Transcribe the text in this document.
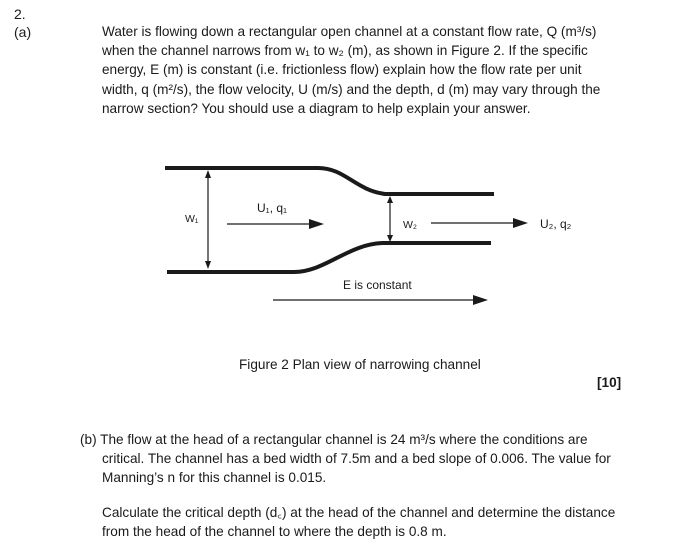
2.
(a)	Water is flowing down a rectangular open channel at a constant flow rate, Q (m³/s)
when the channel narrows from w₁ to w₂ (m), as shown in Figure 2. If the specific
energy, E (m) is constant (i.e. frictionless flow) explain how the flow rate per unit
width, q (m²/s), the flow velocity, U (m/s) and the depth, d (m) may vary through the
narrow section? You should use a diagram to help explain your answer.
W₁
U₁, q₁
W₂	U₂, q₂
E is constant
Figure 2 Plan view of narrowing channel
[10]
(b) The flow at the head of a rectangular channel is 24 m³/s where the conditions are
critical. The channel has a bed width of 7.5m and a bed slope of 0.006. The value for
Manning’s n for this channel is 0.015.
Calculate the critical depth (d꜀) at the head of the channel and determine the distance
from the head of the channel to where the depth is 0.8 m.
